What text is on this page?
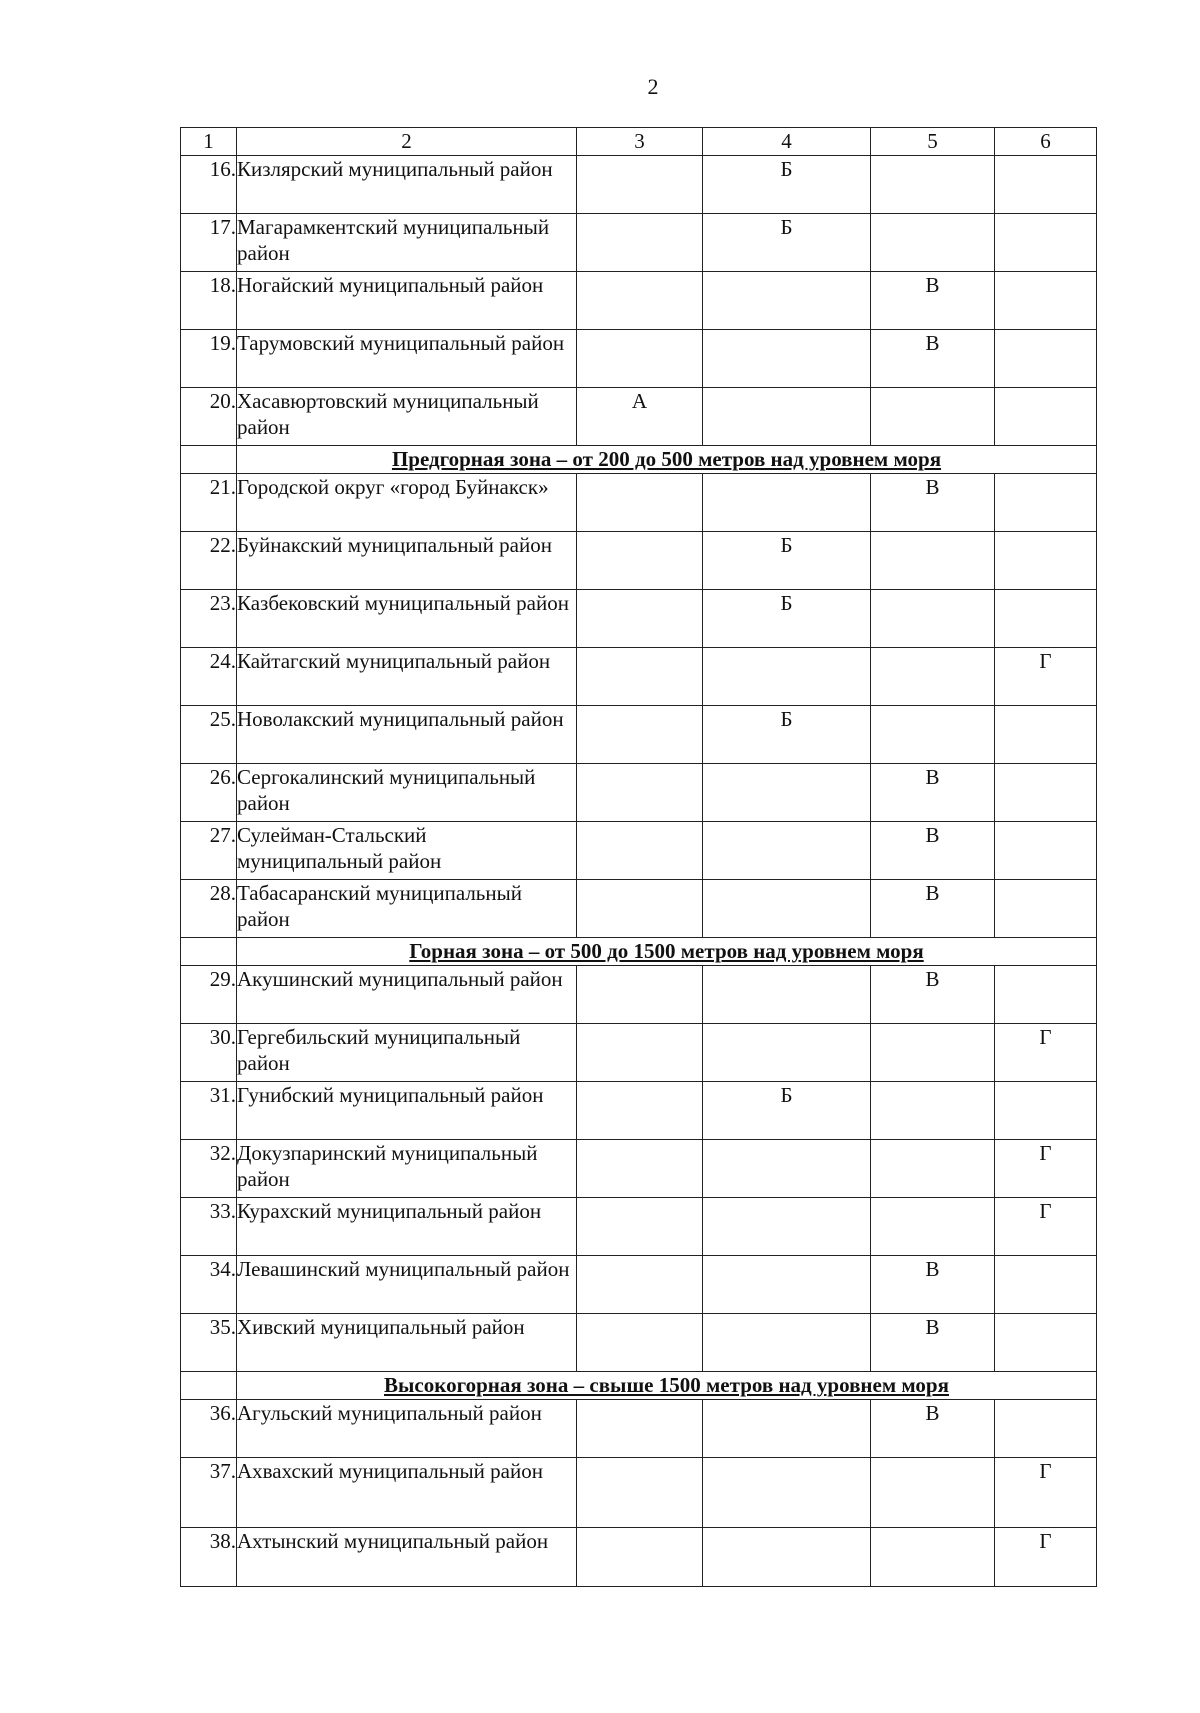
2
1	2	3	4	5	6
16.	Кизлярский муниципальный район		Б		
17.	Магарамкентский муниципальный район		Б		
18.	Ногайский муниципальный район			В	
19.	Тарумовский муниципальный район			В	
20.	Хасавюртовский муниципальный район	А			
	Предгорная зона – от 200 до 500 метров над уровнем моря				
21.	Городской округ «город Буйнакск»			В	
22.	Буйнакский муниципальный район		Б		
23.	Казбековский муниципальный район		Б		
24.	Кайтагский муниципальный район				Г
25.	Новолакский муниципальный район		Б		
26.	Сергокалинский муниципальный район			В	
27.	Сулейман-Стальский муниципальный район			В	
28.	Табасаранский муниципальный район			В	
	Горная зона – от 500 до 1500 метров над уровнем моря				
29.	Акушинский муниципальный район			В	
30.	Гергебильский муниципальный район				Г
31.	Гунибский муниципальный район		Б		
32.	Докузпаринский муниципальный район				Г
33.	Курахский муниципальный район				Г
34.	Левашинский муниципальный район			В	
35.	Хивский муниципальный район			В	
	Высокогорная зона – свыше 1500 метров над уровнем моря				
36.	Агульский муниципальный район			В	
37.	Ахвахский муниципальный район				Г
38.	Ахтынский муниципальный район				Г
